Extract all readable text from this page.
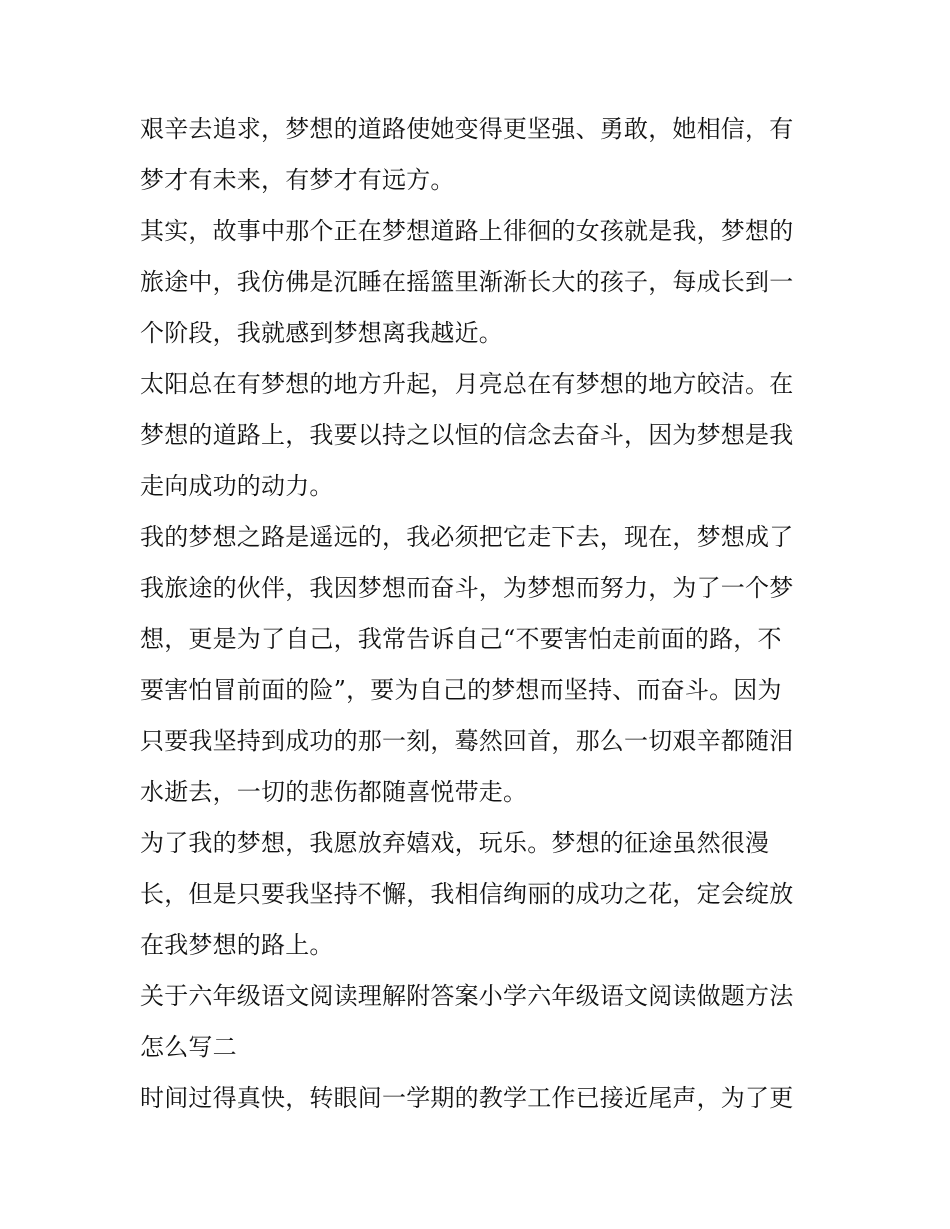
艰辛去追求，梦想的道路使她变得更坚强、勇敢，她相信，有
梦才有未来，有梦才有远方。

其实，故事中那个正在梦想道路上徘徊的女孩就是我，梦想的
旅途中，我仿佛是沉睡在摇篮里渐渐长大的孩子，每成长到一
个阶段，我就感到梦想离我越近。

太阳总在有梦想的地方升起，月亮总在有梦想的地方皎洁。在
梦想的道路上，我要以持之以恒的信念去奋斗，因为梦想是我
走向成功的动力。

我的梦想之路是遥远的，我必须把它走下去，现在，梦想成了
我旅途的伙伴，我因梦想而奋斗，为梦想而努力，为了一个梦
想，更是为了自己，我常告诉自己“不要害怕走前面的路，不
要害怕冒前面的险”，要为自己的梦想而坚持、而奋斗。因为
只要我坚持到成功的那一刻，蓦然回首，那么一切艰辛都随泪
水逝去，一切的悲伤都随喜悦带走。

为了我的梦想，我愿放弃嬉戏，玩乐。梦想的征途虽然很漫
长，但是只要我坚持不懈，我相信绚丽的成功之花，定会绽放
在我梦想的路上。

关于六年级语文阅读理解附答案小学六年级语文阅读做题方法
怎么写二

时间过得真快，转眼间一学期的教学工作已接近尾声，为了更
